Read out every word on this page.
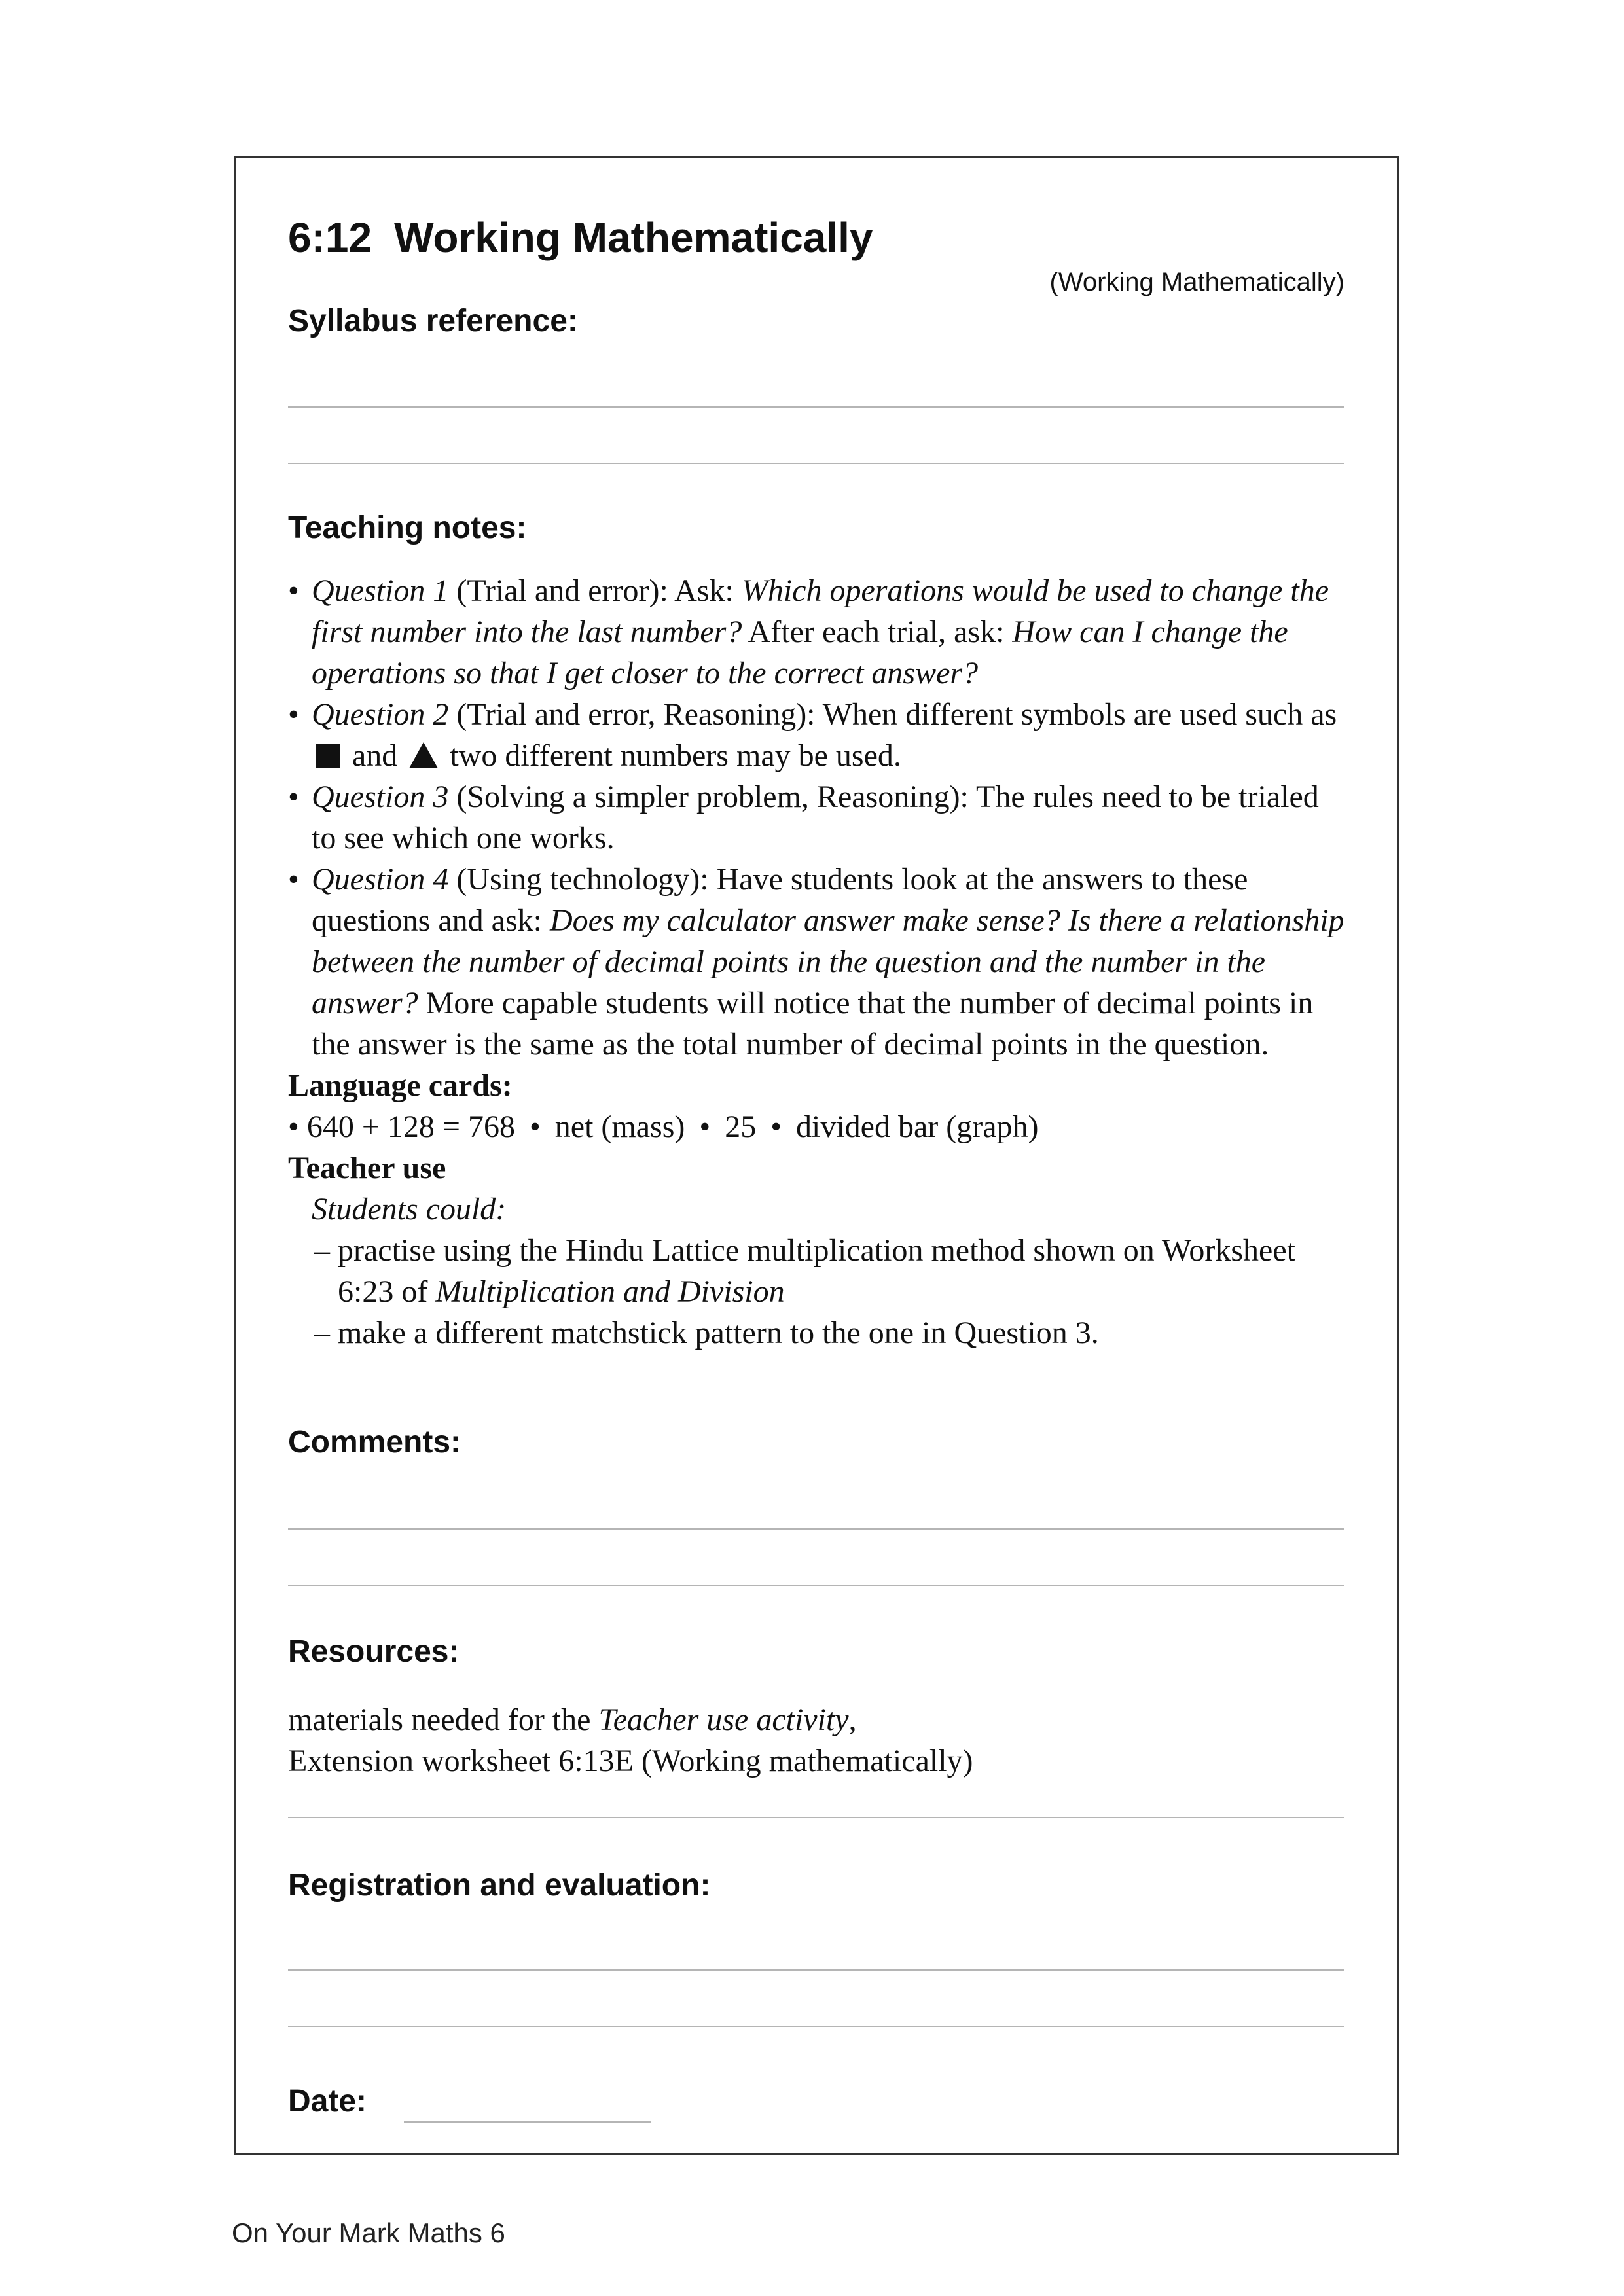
6:12 Working Mathematically
(Working Mathematically)
Syllabus reference:
Teaching notes:

• Question 1 (Trial and error): Ask: Which operations would be used to change the first number into the last number? After each trial, ask: How can I change the operations so that I get closer to the correct answer?

• Question 2 (Trial and error, Reasoning): When different symbols are used such as  and  two different numbers may be used.

• Question 3 (Solving a simpler problem, Reasoning): The rules need to be trialed to see which one works.

• Question 4 (Using technology): Have students look at the answers to these questions and ask: Does my calculator answer make sense? Is there a relationship between the number of decimal points in the question and the number in the answer? More capable students will notice that the number of decimal points in the answer is the same as the total number of decimal points in the question.

Language cards:

• 640 + 128 = 768 • net (mass) • 25 • divided bar (graph)

Teacher use

Students could:

– practise using the Hindu Lattice multiplication method shown on Worksheet 6:23 of Multiplication and Division

– make a different matchstick pattern to the one in Question 3.

Comments:
Resources:
materials needed for the Teacher use activity,
Extension worksheet 6:13E (Working mathematically)
Registration and evaluation:
Date:
On Your Mark Maths 6
